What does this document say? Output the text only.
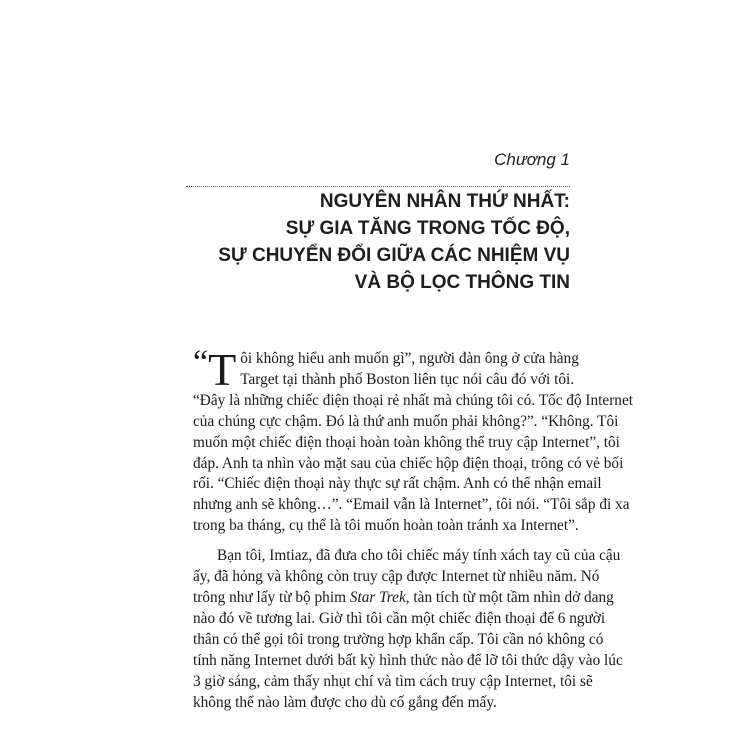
Chương 1

NGUYÊN NHÂN THỨ NHẤT:
SỰ GIA TĂNG TRONG TỐC ĐỘ,
SỰ CHUYỂN ĐỔI GIỮA CÁC NHIỆM VỤ
VÀ BỘ LỌC THÔNG TIN

“ T ôi không hiểu anh muốn gì”, người đàn ông ở cửa hàng
Target tại thành phố Boston liên tục nói câu đó với tôi.
“Đây là những chiếc điện thoại rẻ nhất mà chúng tôi có. Tốc độ Internet
của chúng cực chậm. Đó là thứ anh muốn phải không?”. “Không. Tôi
muốn một chiếc điện thoại hoàn toàn không thể truy cập Internet”, tôi
đáp. Anh ta nhìn vào mặt sau của chiếc hộp điện thoại, trông có vẻ bối
rối. “Chiếc điện thoại này thực sự rất chậm. Anh có thể nhận email
nhưng anh sẽ không…”. “Email vẫn là Internet”, tôi nói. “Tôi sắp đi xa
trong ba tháng, cụ thể là tôi muốn hoàn toàn tránh xa Internet”.

Bạn tôi, Imtiaz, đã đưa cho tôi chiếc máy tính xách tay cũ của cậu
ấy, đã hỏng và không còn truy cập được Internet từ nhiều năm. Nó
trông như lấy từ bộ phim Star Trek, tàn tích từ một tầm nhìn dở dang
nào đó về tương lai. Giờ thì tôi cần một chiếc điện thoại để 6 người
thân có thể gọi tôi trong trường hợp khẩn cấp. Tôi cần nó không có
tính năng Internet dưới bất kỳ hình thức nào để lỡ tôi thức dậy vào lúc
3 giờ sáng, cảm thấy nhụt chí và tìm cách truy cập Internet, tôi sẽ
không thể nào làm được cho dù cố gắng đến mấy.
